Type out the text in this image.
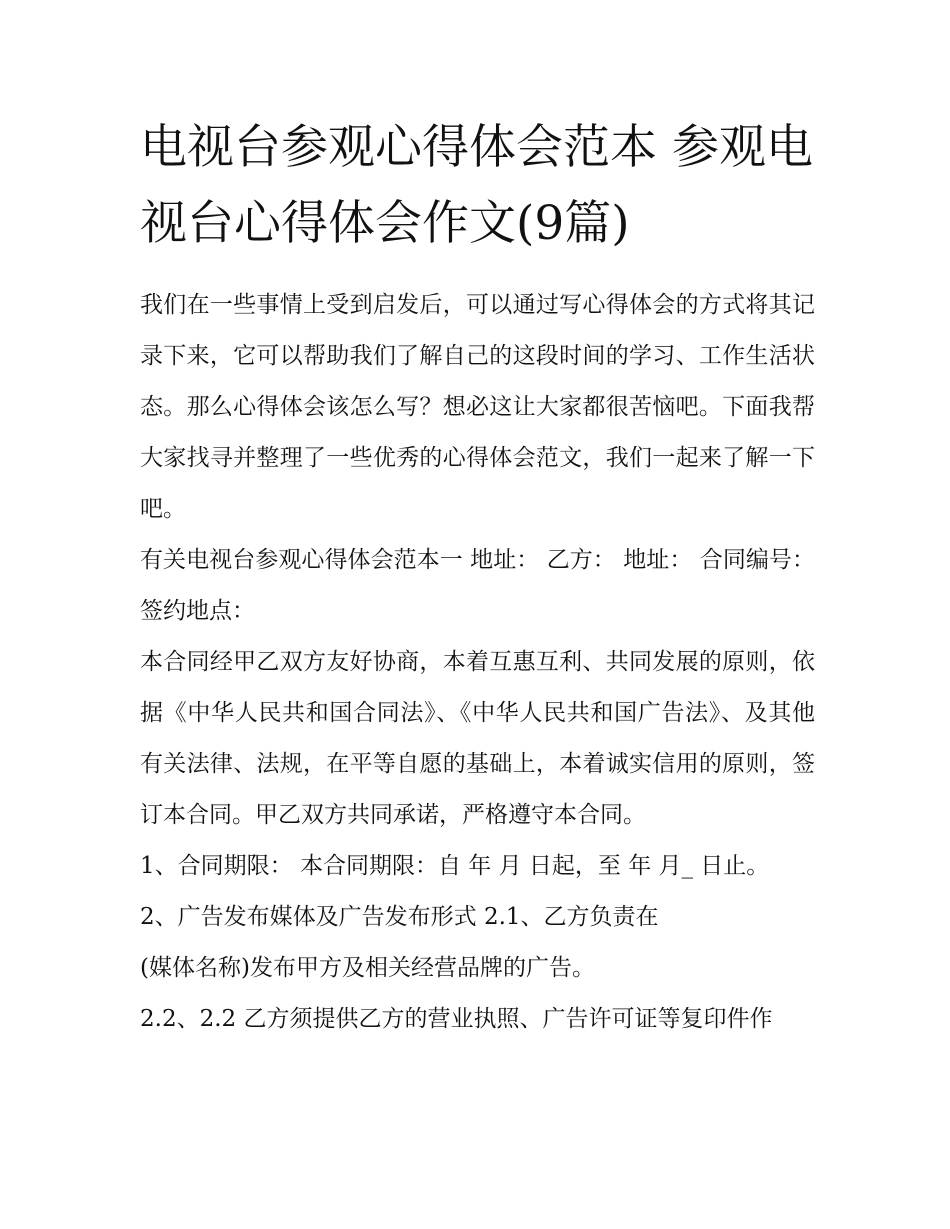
电视台参观心得体会范本 参观电视台心得体会作文(9篇)

我们在一些事情上受到启发后，可以通过写心得体会的方式将其记录下来，它可以帮助我们了解自己的这段时间的学习、工作生活状态。那么心得体会该怎么写？想必这让大家都很苦恼吧。下面我帮大家找寻并整理了一些优秀的心得体会范文，我们一起来了解一下吧。

有关电视台参观心得体会范本一 地址： 乙方： 地址： 合同编号： 签约地点：

本合同经甲乙双方友好协商，本着互惠互利、共同发展的原则，依据《中华人民共和国合同法》、《中华人民共和国广告法》、及其他有关法律、法规，在平等自愿的基础上，本着诚实信用的原则，签订本合同。甲乙双方共同承诺，严格遵守本合同。

1、合同期限： 本合同期限：自 年 月 日起，至 年 月_ 日止。

2、广告发布媒体及广告发布形式 2.1、乙方负责在

(媒体名称)发布甲方及相关经营品牌的广告。

2.2、2.2 乙方须提供乙方的营业执照、广告许可证等复印件作
